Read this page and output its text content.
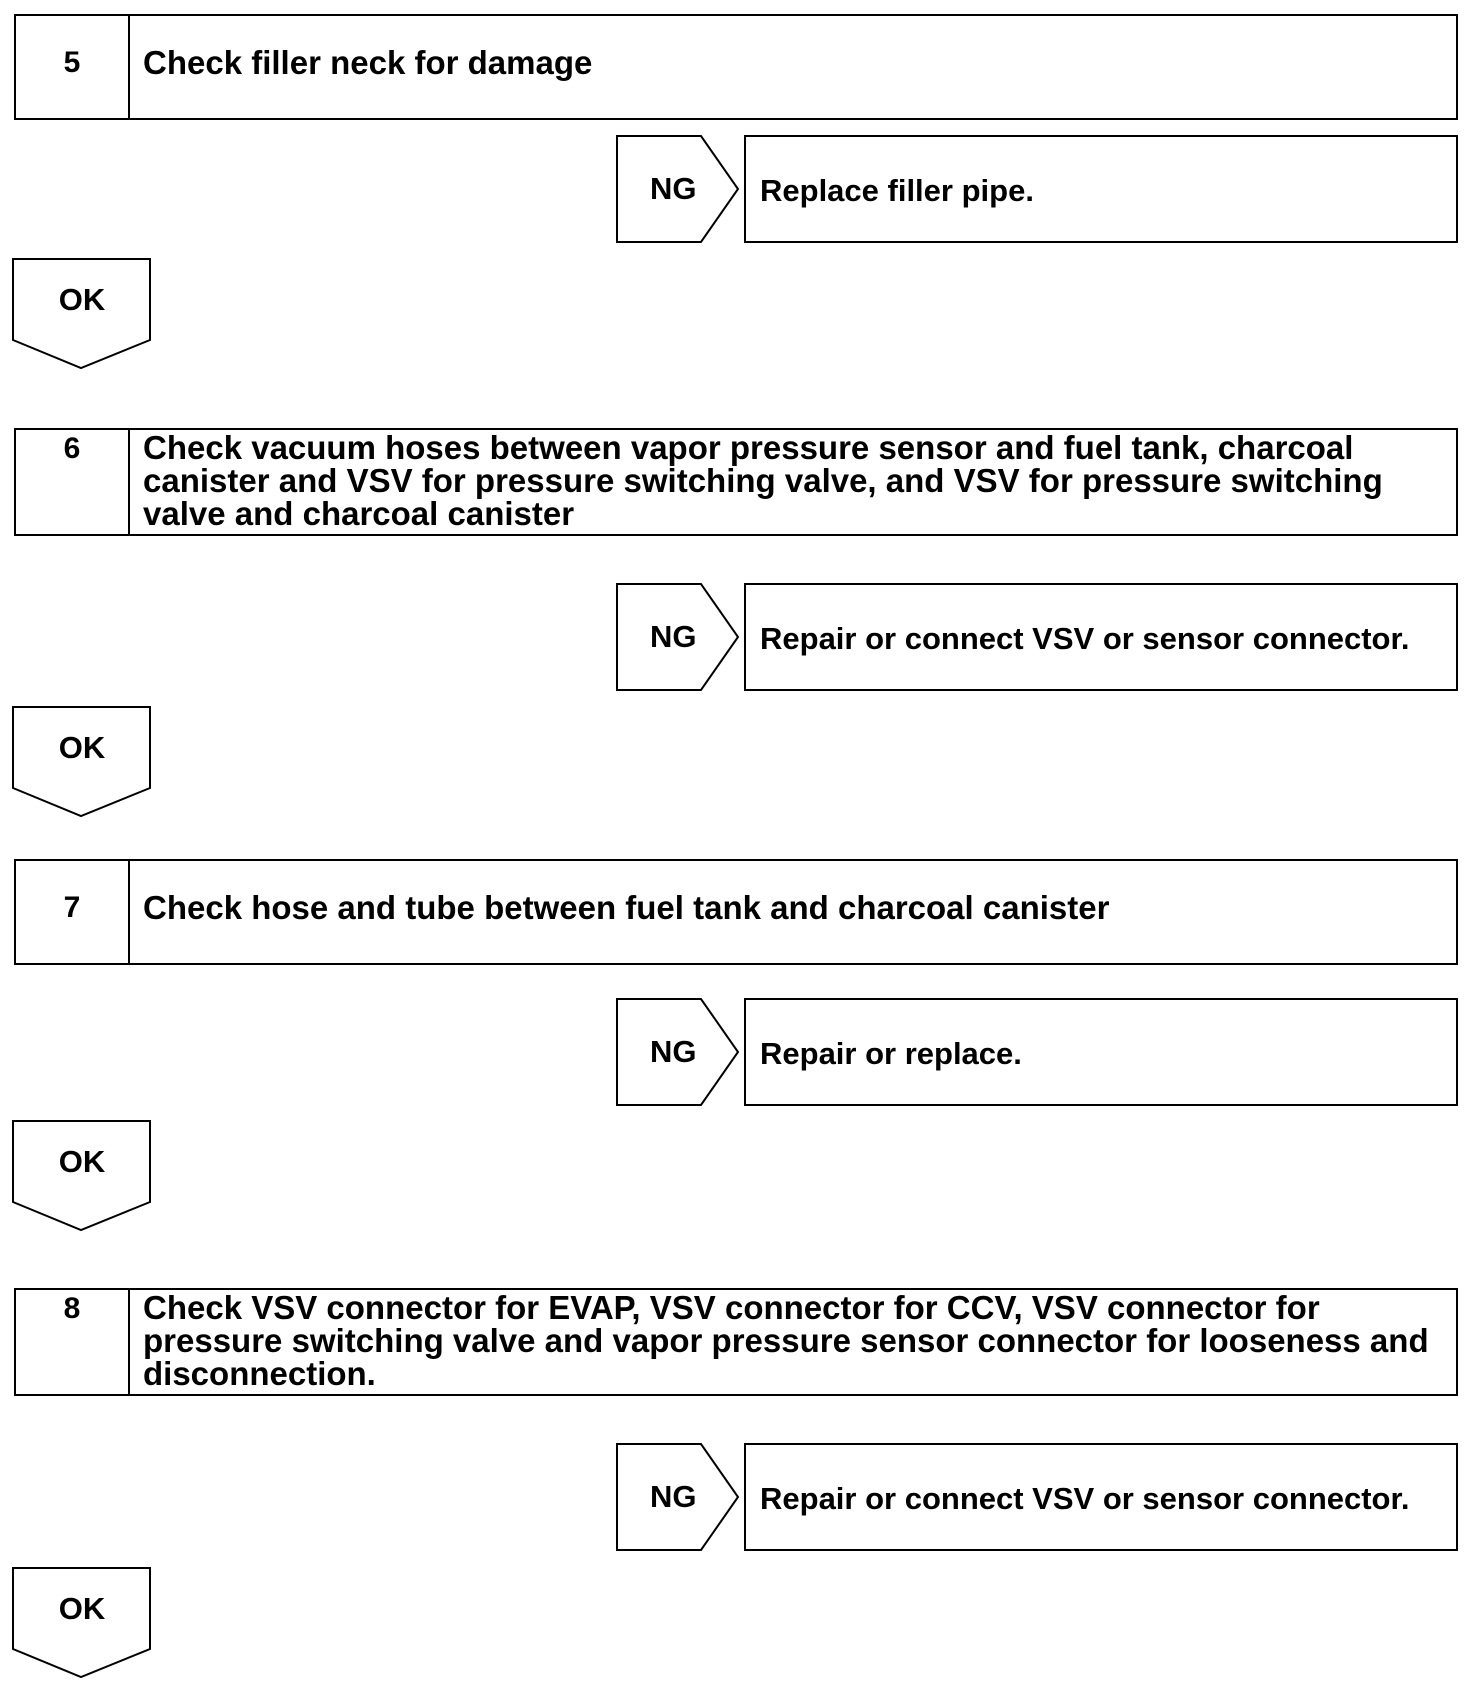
5	Check filler neck for damage
NG Replace filler pipe.
OK
6	Check vacuum hoses between vapor pressure sensor and fuel tank, charcoal canister and VSV for pressure switching valve, and VSV for pressure switching valve and charcoal canister
NG Repair or connect VSV or sensor connector.
OK
7	Check hose and tube between fuel tank and charcoal canister
NG Repair or replace.
OK
8	Check VSV connector for EVAP, VSV connector for CCV, VSV connector for pressure switching valve and vapor pressure sensor connector for looseness and disconnection.
NG Repair or connect VSV or sensor connector.
OK
